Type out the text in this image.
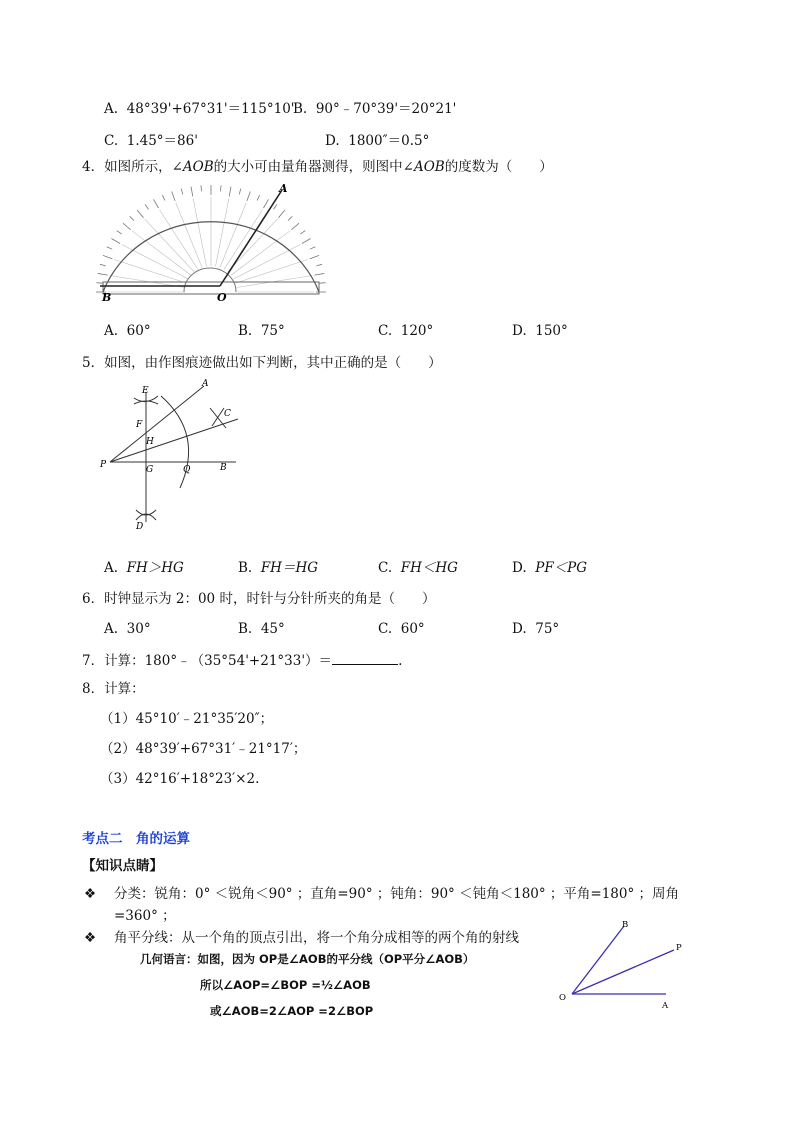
A. 48°39'+67°31'＝115°10'
B. 90°﹣70°39'＝20°21'
C. 1.45°＝86'	D. 1800″＝0.5°
4．如图所示，∠AOB的大小可由量角器测得，则图中∠AOB的度数为（　　）
A
B	O
A. 60°	B. 75°	C. 120°	D. 150°
5．如图，由作图痕迹做出如下判断，其中正确的是（　　）
E
A
C
F
H
P	G	Q	B
D
A. FH＞HG	B. FH＝HG	C. FH＜HG	D. PF＜PG
6．时钟显示为 2：00 时，时针与分针所夹的角是（　　）
A. 30°	B. 45°	C. 60°	D. 75°
7．计算：180°﹣（35°54'+21°33'）＝	.
8．计算：
（1）45°10′﹣21°35′20″；
（2）48°39′+67°31′﹣21°17′；
（3）42°16′+18°23′×2.
考点二　角的运算
【知识点睛】
❖ 分类：锐角：0° ＜锐角＜90° ；直角=90° ；钝角：90° ＜钝角＜180° ；平角=180° ；周角
=360° ；
❖ 角平分线：从一个角的顶点引出，将一个角分成相等的两个角的射线
几何语言：如图，因为 OP是∠AOB的平分线（OP平分∠AOB）
所以∠AOP=∠BOP =½∠AOB
或∠AOB=2∠AOP =2∠BOP
B
P
O
A
